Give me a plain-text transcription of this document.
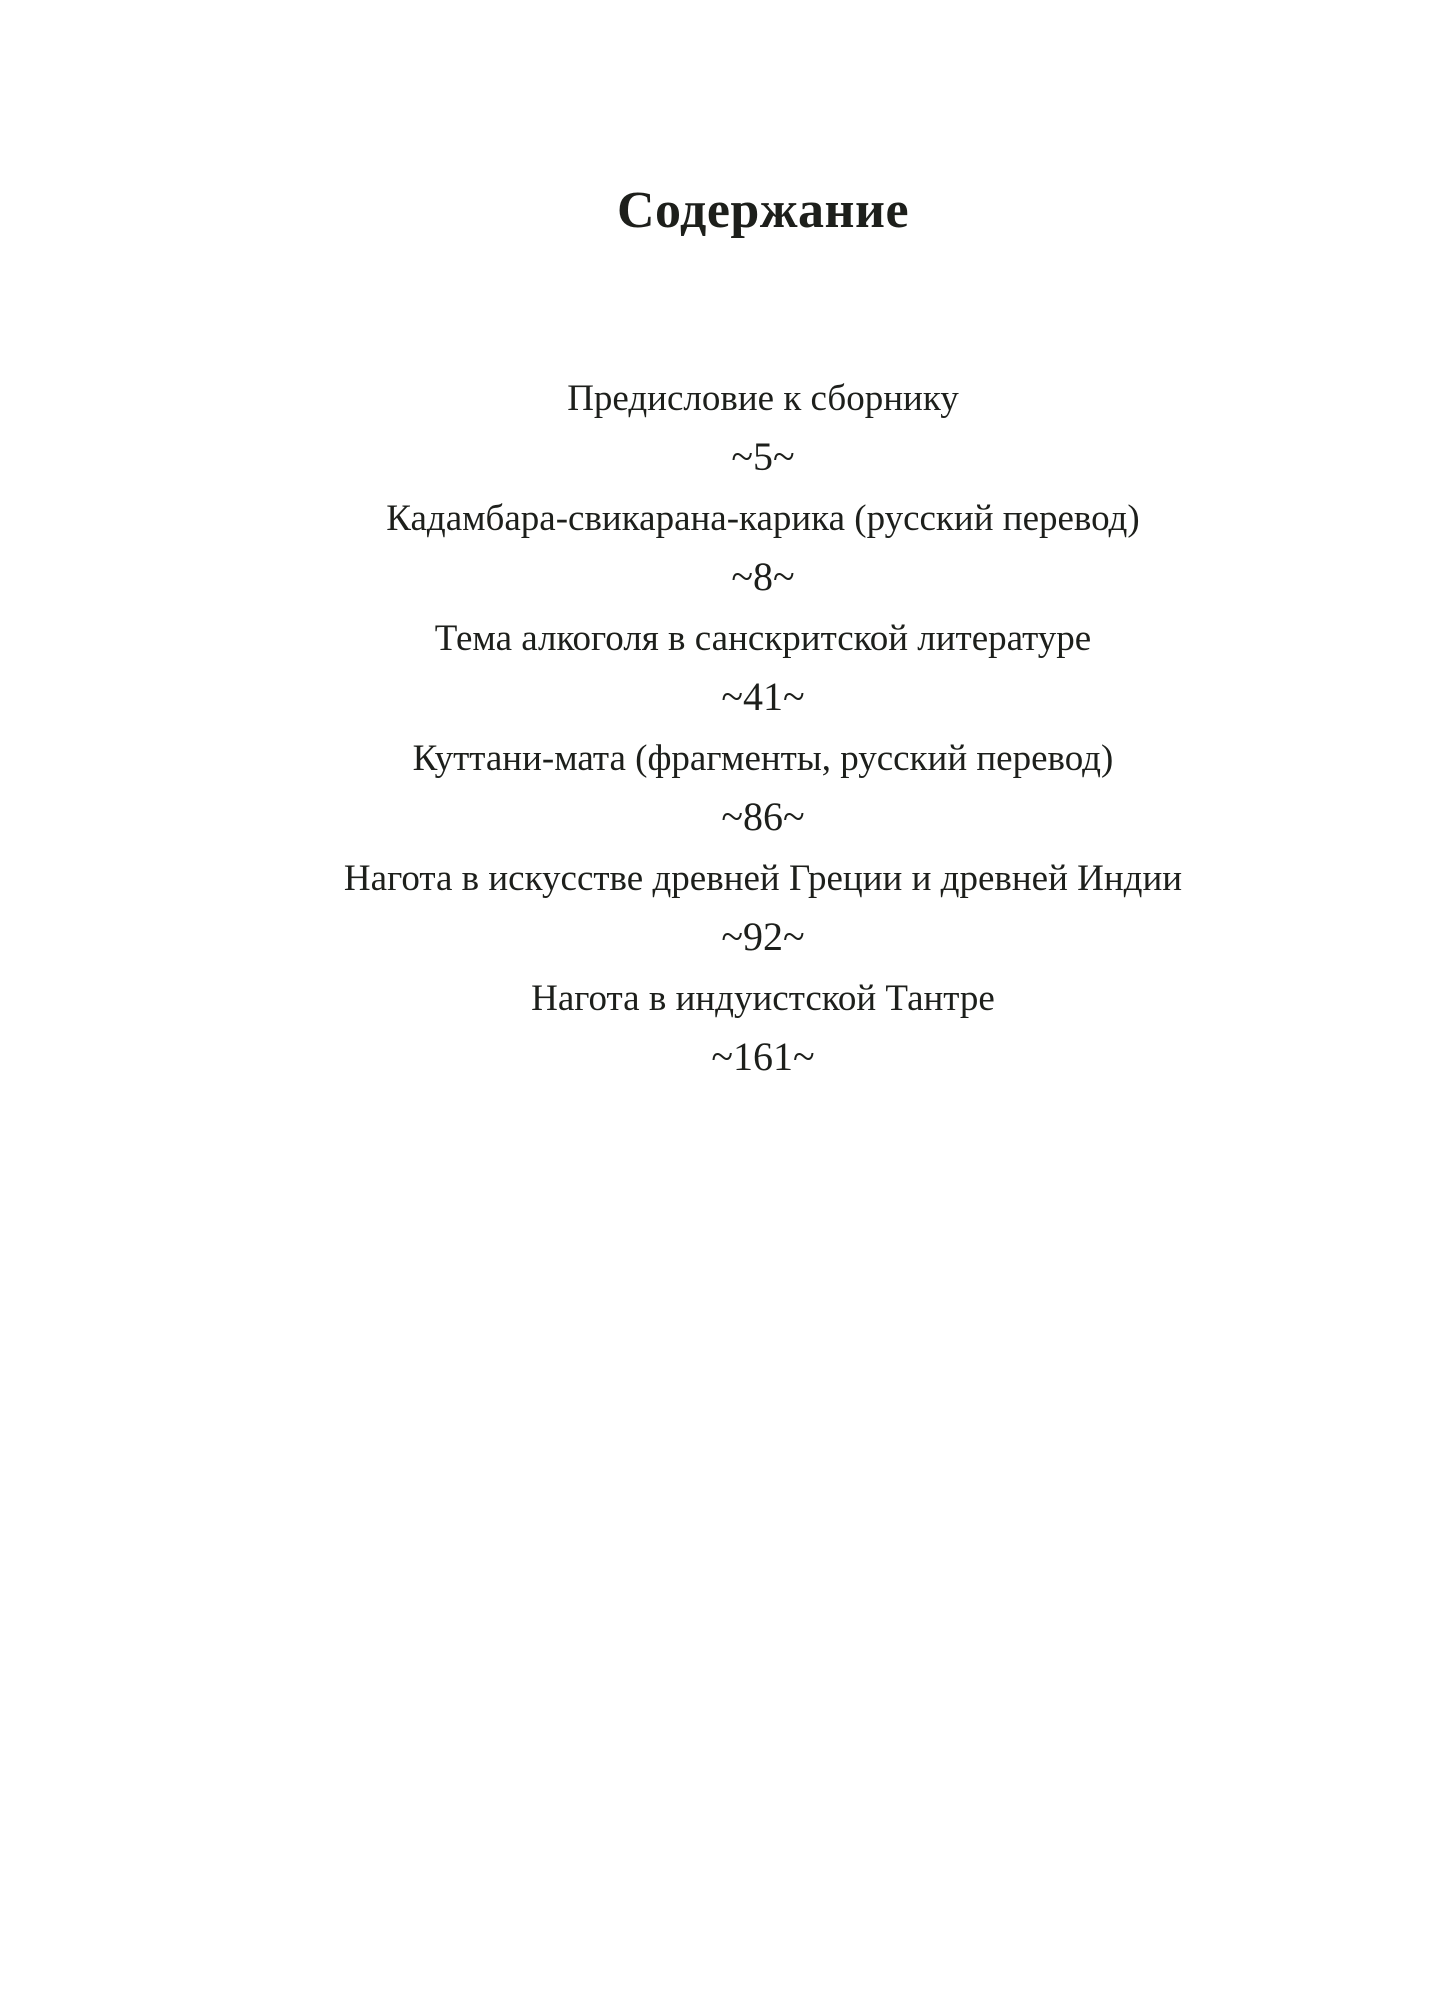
Содержание
Предисловие к сборнику
~5~
Кадамбара-свикарана-карика (русский перевод)
~8~
Тема алкоголя в санскритской литературе
~41~
Куттани-мата (фрагменты, русский перевод)
~86~
Нагота в искусстве древней Греции и древней Индии
~92~
Нагота в индуистской Тантре
~161~
